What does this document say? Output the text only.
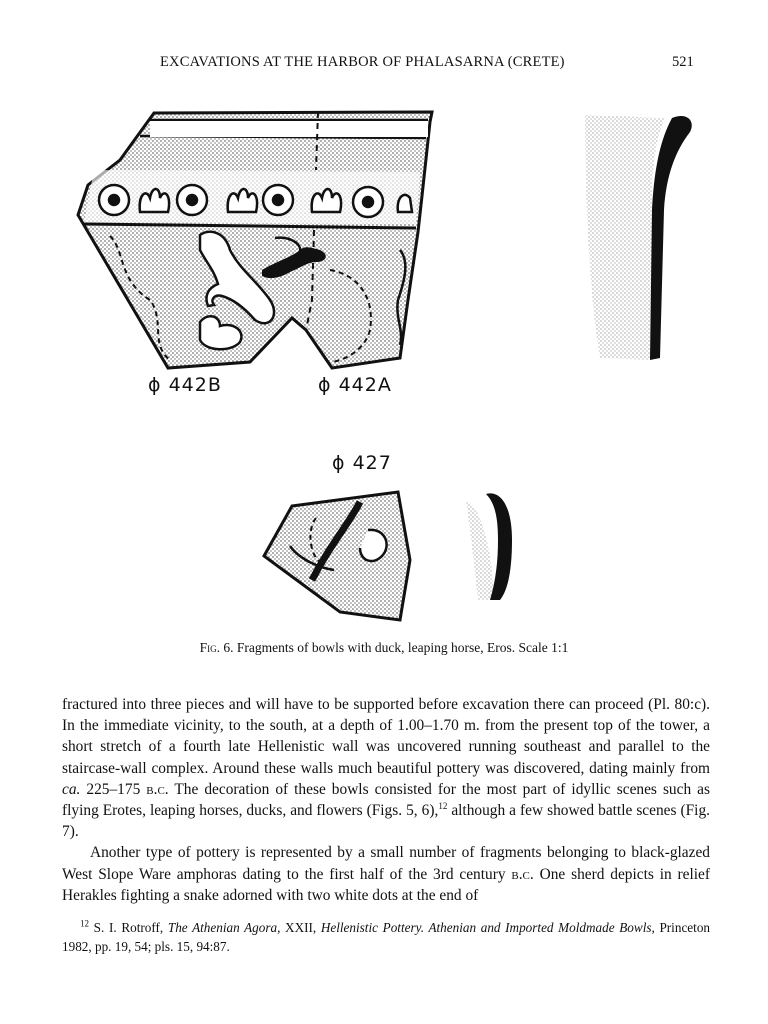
EXCAVATIONS AT THE HARBOR OF PHALASARNA (CRETE)	521
ϕ 442B	ϕ 442A
ϕ 427
Fig. 6. Fragments of bowls with duck, leaping horse, Eros. Scale 1:1

fractured into three pieces and will have to be supported before excavation there can proceed (Pl. 80:c). In the immediate vicinity, to the south, at a depth of 1.00–1.70 m. from the present top of the tower, a short stretch of a fourth late Hellenistic wall was uncovered running southeast and parallel to the staircase-wall complex. Around these walls much beautiful pottery was discovered, dating mainly from ca. 225–175 b.c. The decoration of these bowls consisted for the most part of idyllic scenes such as flying Erotes, leaping horses, ducks, and flowers (Figs. 5, 6),$^{12}$ although a few showed battle scenes (Fig. 7).

Another type of pottery is represented by a small number of fragments belonging to black-glazed West Slope Ware amphoras dating to the first half of the 3rd century b.c. One sherd depicts in relief Herakles fighting a snake adorned with two white dots at the end of

$^{12}$ S. I. Rotroff, The Athenian Agora, XXII, Hellenistic Pottery. Athenian and Imported Moldmade Bowls, Princeton 1982, pp. 19, 54; pls. 15, 94:87.
